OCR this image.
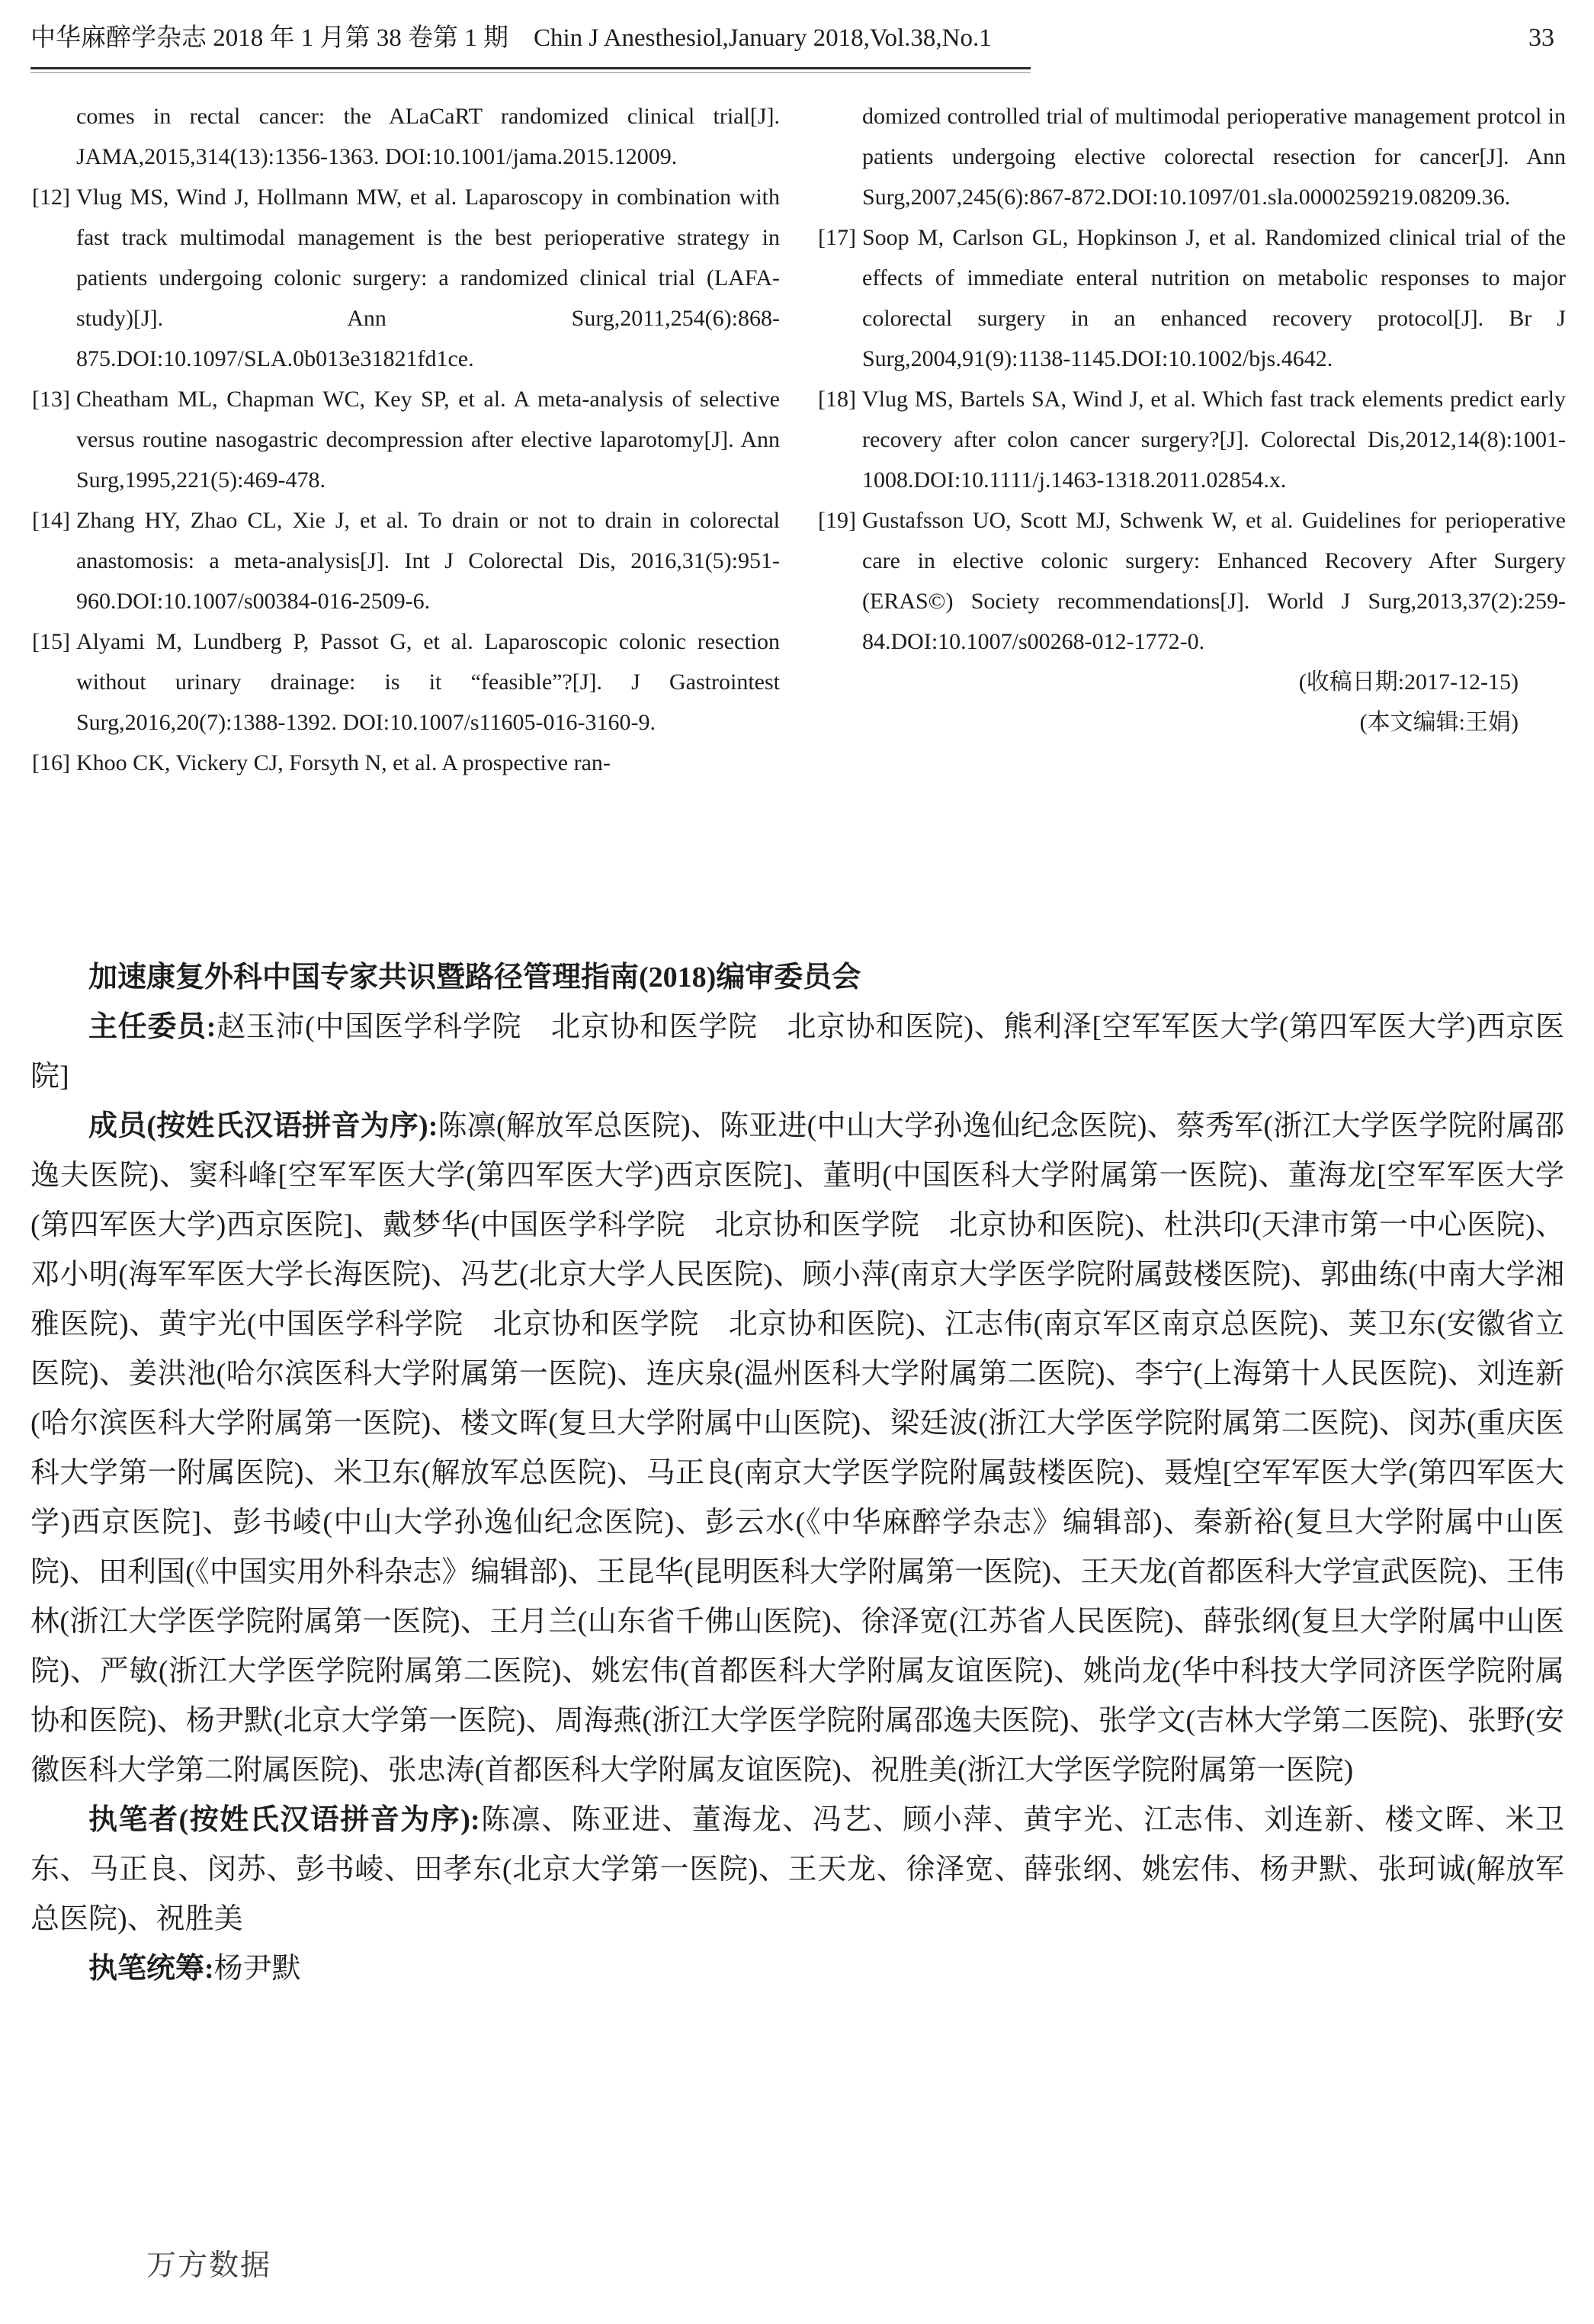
中华麻醉学杂志 2018 年 1 月第 38 卷第 1 期　Chin J Anesthesiol,January 2018,Vol.38,No.1	33
comes in rectal cancer: the ALaCaRT randomized clinical trial[J]. JAMA,2015,314(13):1356-1363. DOI:10.1001/jama.2015.12009.
[12] Vlug MS, Wind J, Hollmann MW, et al. Laparoscopy in combination with fast track multimodal management is the best perioperative strategy in patients undergoing colonic surgery: a randomized clinical trial (LAFA-study)[J]. Ann Surg,2011,254(6):868-875.DOI:10.1097/SLA.0b013e31821fd1ce.
[13] Cheatham ML, Chapman WC, Key SP, et al. A meta-analysis of selective versus routine nasogastric decompression after elective laparotomy[J]. Ann Surg,1995,221(5):469-478.
[14] Zhang HY, Zhao CL, Xie J, et al. To drain or not to drain in colorectal anastomosis: a meta-analysis[J]. Int J Colorectal Dis, 2016,31(5):951-960.DOI:10.1007/s00384-016-2509-6.
[15] Alyami M, Lundberg P, Passot G, et al. Laparoscopic colonic resection without urinary drainage: is it “feasible”?[J]. J Gastrointest Surg,2016,20(7):1388-1392. DOI:10.1007/s11605-016-3160-9.
[16] Khoo CK, Vickery CJ, Forsyth N, et al. A prospective ran-
domized controlled trial of multimodal perioperative management protcol in patients undergoing elective colorectal resection for cancer[J]. Ann Surg,2007,245(6):867-872.DOI:10.1097/01.sla.0000259219.08209.36.
[17] Soop M, Carlson GL, Hopkinson J, et al. Randomized clinical trial of the effects of immediate enteral nutrition on metabolic responses to major colorectal surgery in an enhanced recovery protocol[J]. Br J Surg,2004,91(9):1138-1145.DOI:10.1002/bjs.4642.
[18] Vlug MS, Bartels SA, Wind J, et al. Which fast track elements predict early recovery after colon cancer surgery?[J]. Colorectal Dis,2012,14(8):1001-1008.DOI:10.1111/j.1463-1318.2011.02854.x.
[19] Gustafsson UO, Scott MJ, Schwenk W, et al. Guidelines for perioperative care in elective colonic surgery: Enhanced Recovery After Surgery (ERAS©) Society recommendations[J]. World J Surg,2013,37(2):259-84.DOI:10.1007/s00268-012-1772-0.
(收稿日期:2017-12-15)
(本文编辑:王娟)

加速康复外科中国专家共识暨路径管理指南(2018)编审委员会

主任委员:赵玉沛(中国医学科学院　北京协和医学院　北京协和医院)、熊利泽[空军军医大学(第四军医大学)西京医院]

成员(按姓氏汉语拼音为序):陈凛(解放军总医院)、陈亚进(中山大学孙逸仙纪念医院)、蔡秀军(浙江大学医学院附属邵逸夫医院)、窦科峰[空军军医大学(第四军医大学)西京医院]、董明(中国医科大学附属第一医院)、董海龙[空军军医大学(第四军医大学)西京医院]、戴梦华(中国医学科学院　北京协和医学院　北京协和医院)、杜洪印(天津市第一中心医院)、邓小明(海军军医大学长海医院)、冯艺(北京大学人民医院)、顾小萍(南京大学医学院附属鼓楼医院)、郭曲练(中南大学湘雅医院)、黄宇光(中国医学科学院　北京协和医学院　北京协和医院)、江志伟(南京军区南京总医院)、荚卫东(安徽省立医院)、姜洪池(哈尔滨医科大学附属第一医院)、连庆泉(温州医科大学附属第二医院)、李宁(上海第十人民医院)、刘连新(哈尔滨医科大学附属第一医院)、楼文晖(复旦大学附属中山医院)、梁廷波(浙江大学医学院附属第二医院)、闵苏(重庆医科大学第一附属医院)、米卫东(解放军总医院)、马正良(南京大学医学院附属鼓楼医院)、聂煌[空军军医大学(第四军医大学)西京医院]、彭书崚(中山大学孙逸仙纪念医院)、彭云水(《中华麻醉学杂志》编辑部)、秦新裕(复旦大学附属中山医院)、田利国(《中国实用外科杂志》编辑部)、王昆华(昆明医科大学附属第一医院)、王天龙(首都医科大学宣武医院)、王伟林(浙江大学医学院附属第一医院)、王月兰(山东省千佛山医院)、徐泽宽(江苏省人民医院)、薛张纲(复旦大学附属中山医院)、严敏(浙江大学医学院附属第二医院)、姚宏伟(首都医科大学附属友谊医院)、姚尚龙(华中科技大学同济医学院附属协和医院)、杨尹默(北京大学第一医院)、周海燕(浙江大学医学院附属邵逸夫医院)、张学文(吉林大学第二医院)、张野(安徽医科大学第二附属医院)、张忠涛(首都医科大学附属友谊医院)、祝胜美(浙江大学医学院附属第一医院)

执笔者(按姓氏汉语拼音为序):陈凛、陈亚进、董海龙、冯艺、顾小萍、黄宇光、江志伟、刘连新、楼文晖、米卫东、马正良、闵苏、彭书崚、田孝东(北京大学第一医院)、王天龙、徐泽宽、薛张纲、姚宏伟、杨尹默、张珂诚(解放军总医院)、祝胜美

执笔统筹:杨尹默

万方数据
